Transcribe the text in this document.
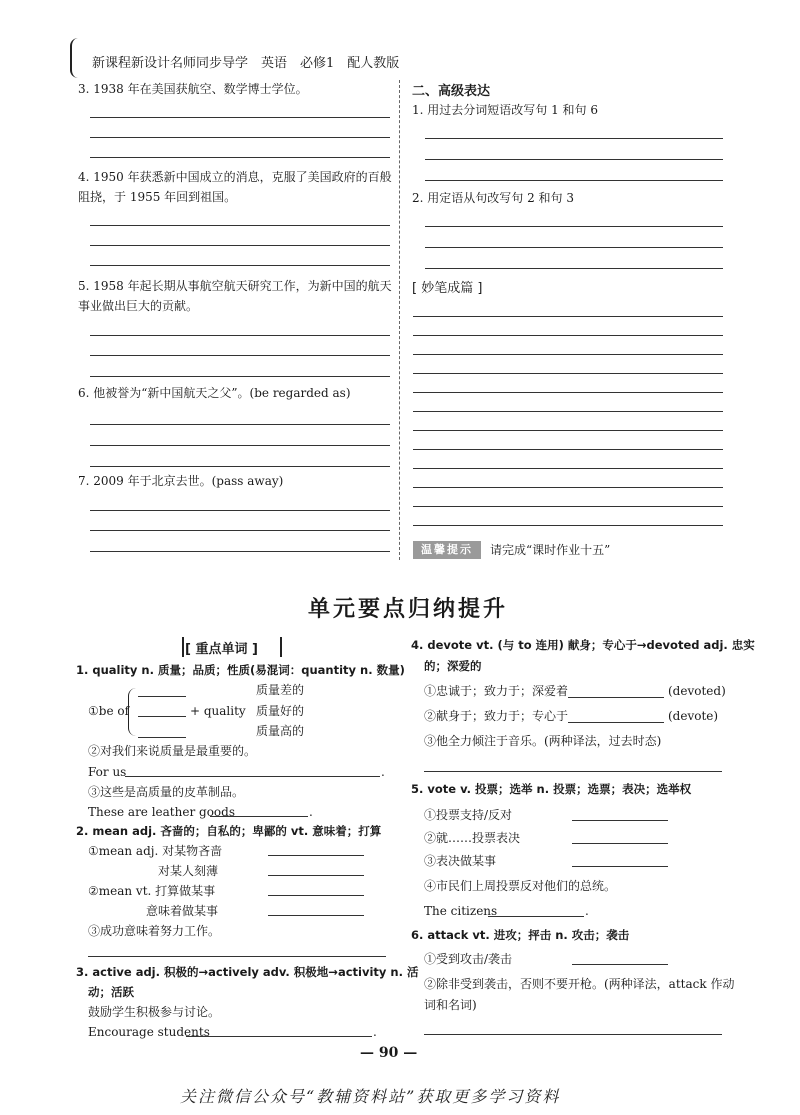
新课程新设计名师同步导学　英语　必修1　配人教版
3. 1938 年在美国获航空、数学博士学位。
4. 1950 年获悉新中国成立的消息，克服了美国政府的百般
阻挠，于 1955 年回到祖国。
5. 1958 年起长期从事航空航天研究工作，为新中国的航天
事业做出巨大的贡献。
6. 他被誉为“新中国航天之父”。(be regarded as)
7. 2009 年于北京去世。(pass away)
二、高级表达
1. 用过去分词短语改写句 1 和句 6
2. 用定语从句改写句 2 和句 3
[ 妙笔成篇 ]
温馨提示	请完成“课时作业十五”
单元要点归纳提升
[ 重点单词 ]
1. quality n. 质量；品质；性质(易混词：quantity n. 数量)
①be of	+ quality
质量差的
质量好的
质量高的
②对我们来说质量是最重要的。
For us	.
③这些是高质量的皮革制品。
These are leather goods	.
2. mean adj. 吝啬的；自私的；卑鄙的 vt. 意味着；打算
①mean adj. 对某物吝啬
对某人刻薄
②mean vt. 打算做某事
意味着做某事
③成功意味着努力工作。
3. active adj. 积极的→actively adv. 积极地→activity n. 活
动；活跃
鼓励学生积极参与讨论。
Encourage students	.
4. devote vt. (与 to 连用) 献身；专心于→devoted adj. 忠实
的；深爱的
①忠诚于；致力于；深爱着	(devoted)
②献身于；致力于；专心于	(devote)
③他全力倾注于音乐。(两种译法，过去时态)
5. vote v. 投票；选举 n. 投票；选票；表决；选举权
①投票支持/反对
②就……投票表决
③表决做某事
④市民们上周投票反对他们的总统。
The citizens	.
6. attack vt. 进攻；抨击 n. 攻击；袭击
①受到攻击/袭击
②除非受到袭击，否则不要开枪。(两种译法，attack 作动
词和名词)
— 90 —
关注微信公众号“教辅资料站”获取更多学习资料
